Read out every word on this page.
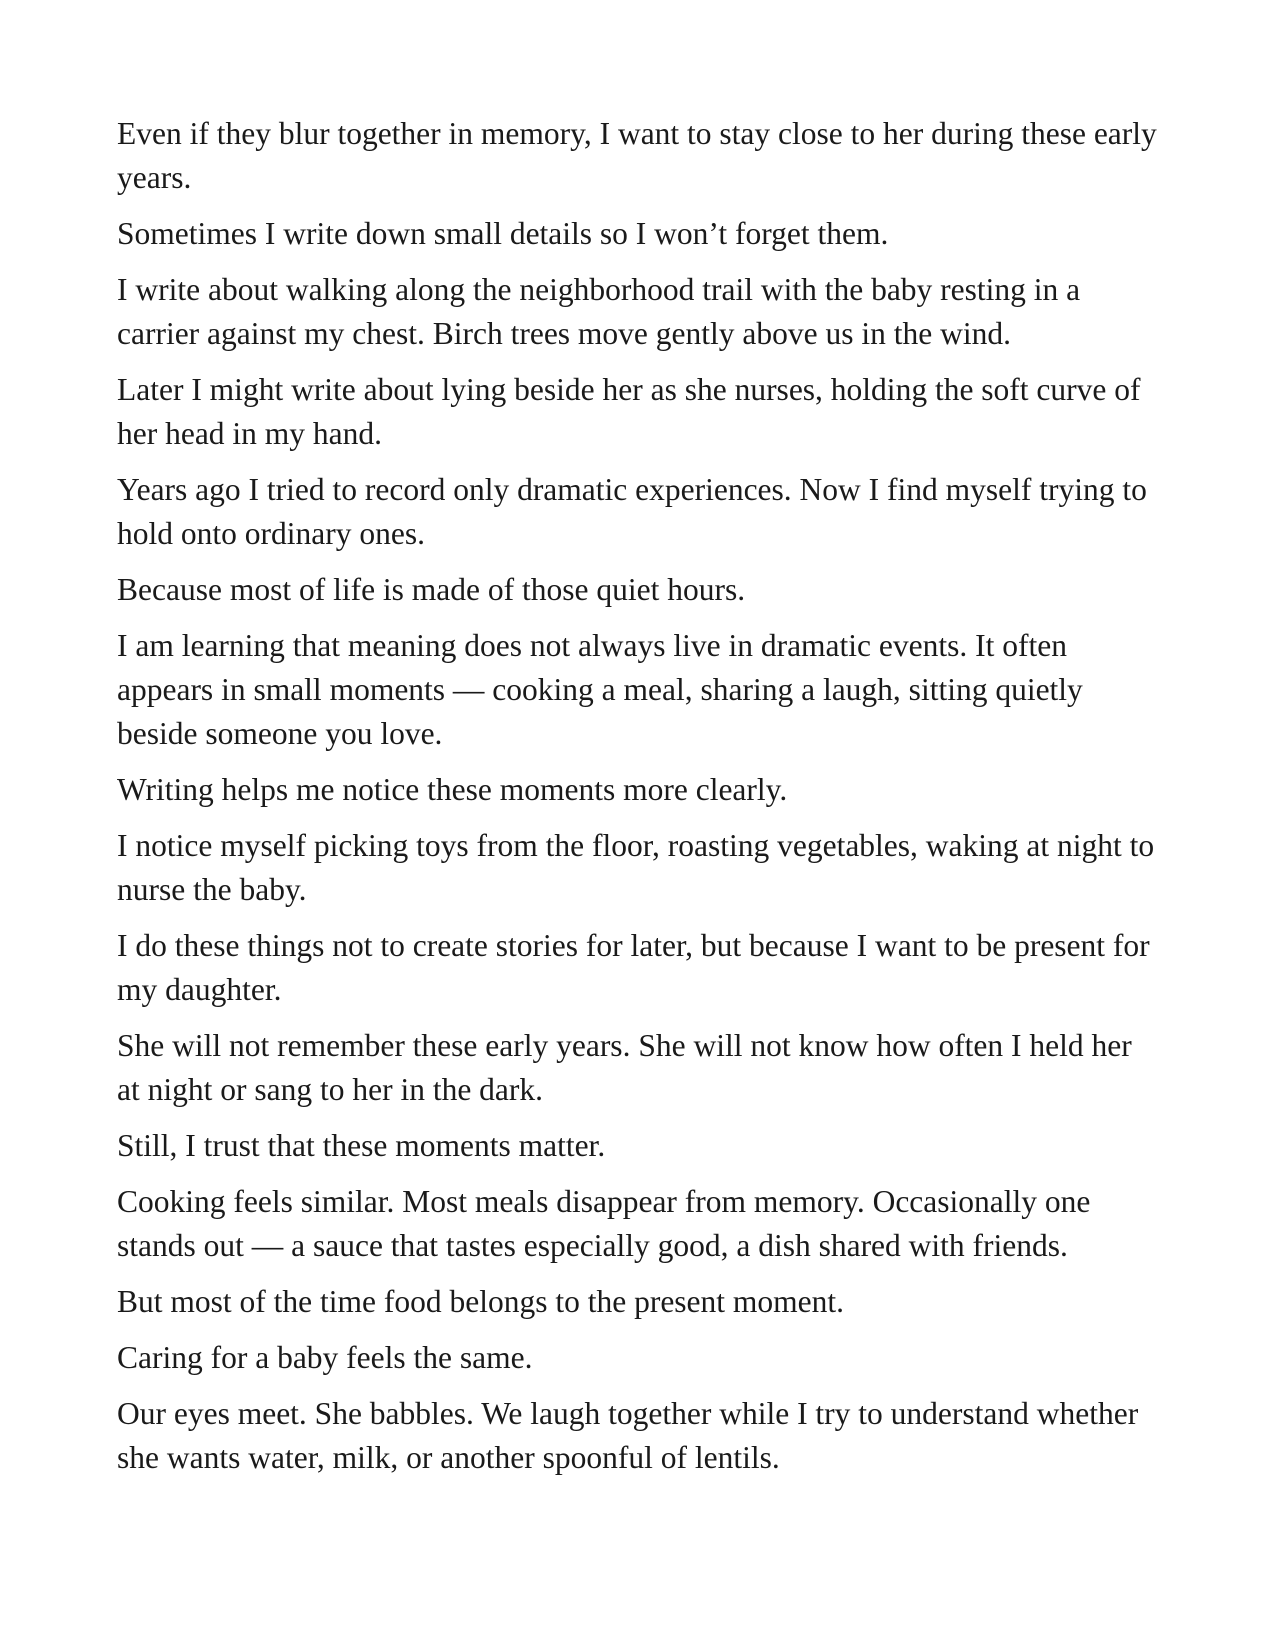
Even if they blur together in memory, I want to stay close to her during these early years.

Sometimes I write down small details so I won’t forget them.

I write about walking along the neighborhood trail with the baby resting in a carrier against my chest. Birch trees move gently above us in the wind.

Later I might write about lying beside her as she nurses, holding the soft curve of her head in my hand.

Years ago I tried to record only dramatic experiences. Now I find myself trying to hold onto ordinary ones.

Because most of life is made of those quiet hours.

I am learning that meaning does not always live in dramatic events. It often appears in small moments — cooking a meal, sharing a laugh, sitting quietly beside someone you love.

Writing helps me notice these moments more clearly.

I notice myself picking toys from the floor, roasting vegetables, waking at night to nurse the baby.

I do these things not to create stories for later, but because I want to be present for my daughter.

She will not remember these early years. She will not know how often I held her at night or sang to her in the dark.

Still, I trust that these moments matter.

Cooking feels similar. Most meals disappear from memory. Occasionally one stands out — a sauce that tastes especially good, a dish shared with friends.

But most of the time food belongs to the present moment.

Caring for a baby feels the same.

Our eyes meet. She babbles. We laugh together while I try to understand whether she wants water, milk, or another spoonful of lentils.
